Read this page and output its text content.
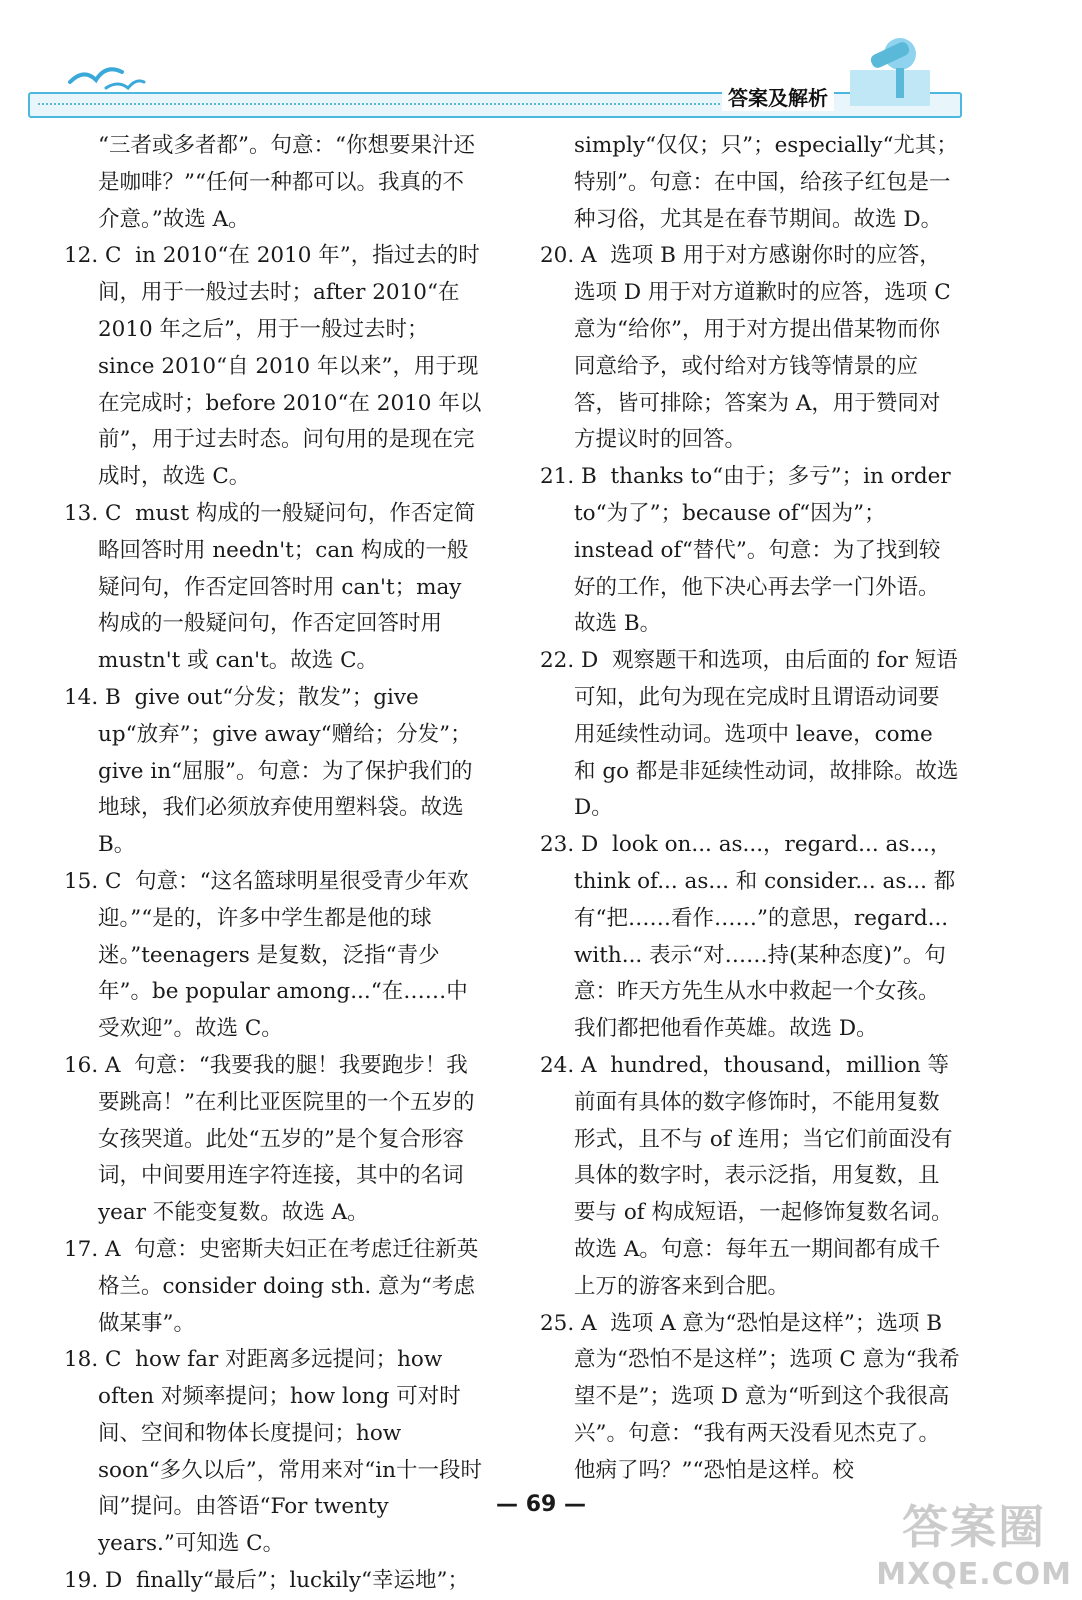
答案及解析

“三者或多者都”。句意：“你想要果汁还是咖啡？”“任何一种都可以。我真的不介意。”故选 A。

12. C in 2010“在 2010 年”，指过去的时间，用于一般过去时；after 2010“在 2010 年之后”，用于一般过去时；since 2010“自 2010 年以来”，用于现在完成时；before 2010“在 2010 年以前”，用于过去时态。问句用的是现在完成时，故选 C。

13. C must 构成的一般疑问句，作否定简略回答时用 needn't；can 构成的一般疑问句，作否定回答时用 can't；may 构成的一般疑问句，作否定回答时用 mustn't 或 can't。故选 C。

14. B give out“分发；散发”；give up“放弃”；give away“赠给；分发”；give in“屈服”。句意：为了保护我们的地球，我们必须放弃使用塑料袋。故选 B。

15. C 句意：“这名篮球明星很受青少年欢迎。”“是的，许多中学生都是他的球迷。”teenagers 是复数，泛指“青少年”。be popular among...“在……中受欢迎”。故选 C。

16. A 句意：“我要我的腿！我要跑步！我要跳高！”在利比亚医院里的一个五岁的女孩哭道。此处“五岁的”是个复合形容词，中间要用连字符连接，其中的名词 year 不能变复数。故选 A。

17. A 句意：史密斯夫妇正在考虑迁往新英格兰。consider doing sth. 意为“考虑做某事”。

18. C how far 对距离多远提问；how often 对频率提问；how long 可对时间、空间和物体长度提问；how soon“多久以后”，常用来对“in十一段时间”提问。由答语“For twenty years.”可知选 C。

19. D finally“最后”；luckily“幸运地”；

simply“仅仅；只”；especially“尤其；特别”。句意：在中国，给孩子红包是一种习俗，尤其是在春节期间。故选 D。

20. A 选项 B 用于对方感谢你时的应答，选项 D 用于对方道歉时的应答，选项 C 意为“给你”，用于对方提出借某物而你同意给予，或付给对方钱等情景的应答，皆可排除；答案为 A，用于赞同对方提议时的回答。

21. B thanks to“由于；多亏”；in order to“为了”；because of“因为”；instead of“替代”。句意：为了找到较好的工作，他下决心再去学一门外语。故选 B。

22. D 观察题干和选项，由后面的 for 短语可知，此句为现在完成时且谓语动词要用延续性动词。选项中 leave，come 和 go 都是非延续性动词，故排除。故选 D。

23. D look on... as...，regard... as...，think of... as... 和 consider... as... 都有“把……看作……”的意思，regard... with... 表示“对……持(某种态度)”。句意：昨天方先生从水中救起一个女孩。我们都把他看作英雄。故选 D。

24. A hundred，thousand，million 等前面有具体的数字修饰时，不能用复数形式，且不与 of 连用；当它们前面没有具体的数字时，表示泛指，用复数，且要与 of 构成短语，一起修饰复数名词。故选 A。句意：每年五一期间都有成千上万的游客来到合肥。

25. A 选项 A 意为“恐怕是这样”；选项 B 意为“恐怕不是这样”；选项 C 意为“我希望不是”；选项 D 意为“听到这个我很高兴”。句意：“我有两天没看见杰克了。他病了吗？”“恐怕是这样。校

— 69 —	答案圈
MXQE.COM
